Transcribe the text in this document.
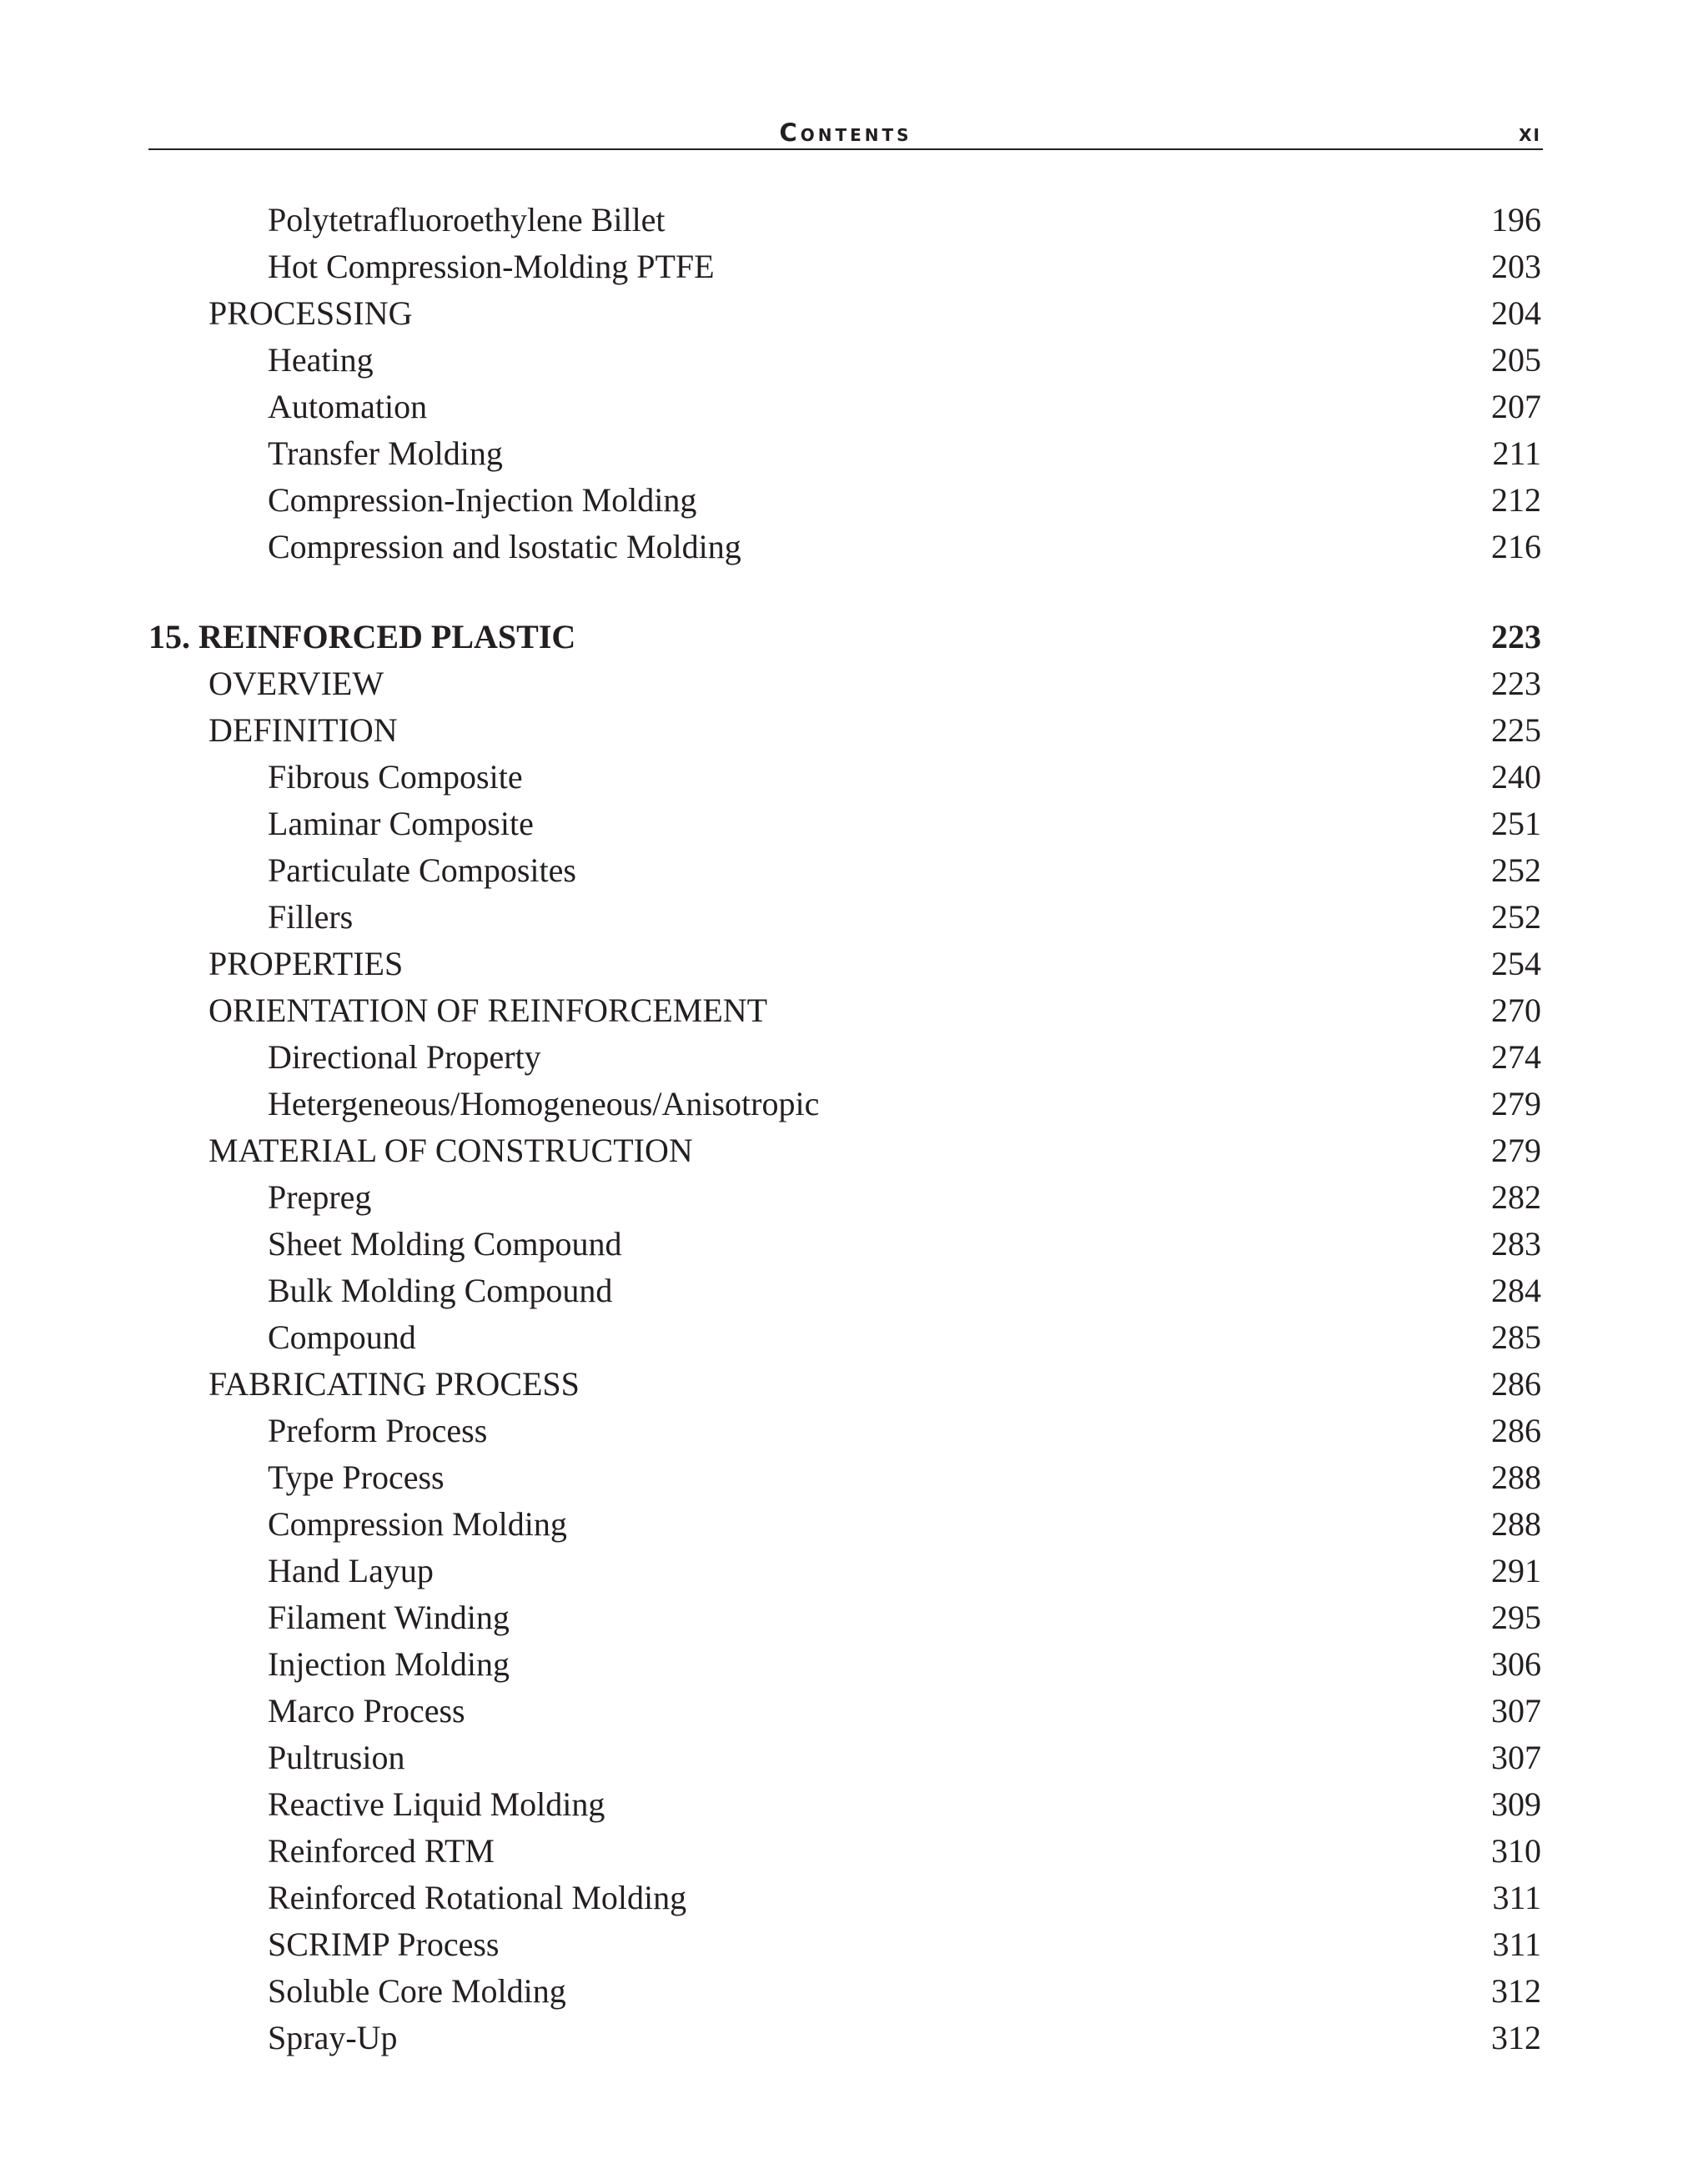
Contents	xi
Polytetrafluoroethylene Billet	196
Hot Compression-Molding PTFE	203
PROCESSING	204
Heating	205
Automation	207
Transfer Molding	211
Compression-Injection Molding	212
Compression and lsostatic Molding	216
15. REINFORCED PLASTIC	223
OVERVIEW	223
DEFINITION	225
Fibrous Composite	240
Laminar Composite	251
Particulate Composites	252
Fillers	252
PROPERTIES	254
ORIENTATION OF REINFORCEMENT	270
Directional Property	274
Hetergeneous/Homogeneous/Anisotropic	279
MATERIAL OF CONSTRUCTION	279
Prepreg	282
Sheet Molding Compound	283
Bulk Molding Compound	284
Compound	285
FABRICATING PROCESS	286
Preform Process	286
Type Process	288
Compression Molding	288
Hand Layup	291
Filament Winding	295
Injection Molding	306
Marco Process	307
Pultrusion	307
Reactive Liquid Molding	309
Reinforced RTM	310
Reinforced Rotational Molding	311
SCRIMP Process	311
Soluble Core Molding	312
Spray-Up	312
